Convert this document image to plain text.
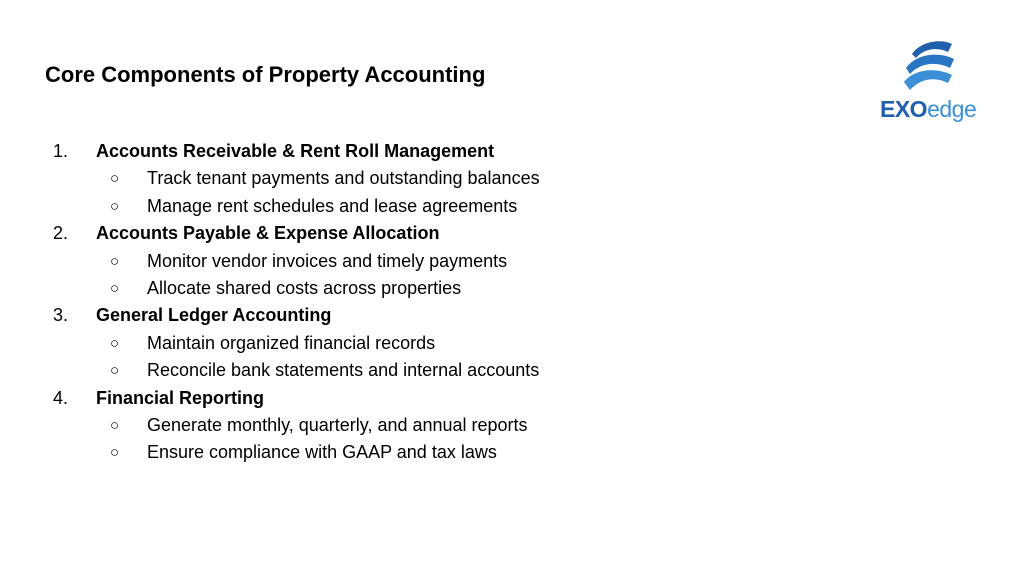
Core Components of Property Accounting
EXOedge
1. Accounts Receivable & Rent Roll Management
○ Track tenant payments and outstanding balances
○ Manage rent schedules and lease agreements
2. Accounts Payable & Expense Allocation
○ Monitor vendor invoices and timely payments
○ Allocate shared costs across properties
3. General Ledger Accounting
○ Maintain organized financial records
○ Reconcile bank statements and internal accounts
4. Financial Reporting
○ Generate monthly, quarterly, and annual reports
○ Ensure compliance with GAAP and tax laws
